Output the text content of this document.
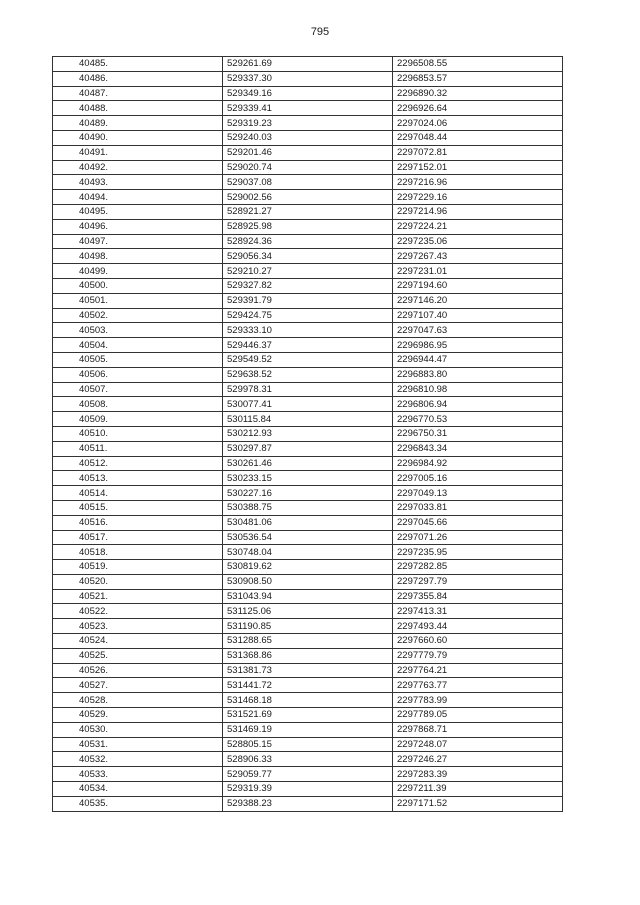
795
40485.	529261.69	2296508.55
40486.	529337.30	2296853.57
40487.	529349.16	2296890.32
40488.	529339.41	2296926.64
40489.	529319.23	2297024.06
40490.	529240.03	2297048.44
40491.	529201.46	2297072.81
40492.	529020.74	2297152.01
40493.	529037.08	2297216.96
40494.	529002.56	2297229.16
40495.	528921.27	2297214.96
40496.	528925.98	2297224.21
40497.	528924.36	2297235.06
40498.	529056.34	2297267.43
40499.	529210.27	2297231.01
40500.	529327.82	2297194.60
40501.	529391.79	2297146.20
40502.	529424.75	2297107.40
40503.	529333.10	2297047.63
40504.	529446.37	2296986.95
40505.	529549.52	2296944.47
40506.	529638.52	2296883.80
40507.	529978.31	2296810.98
40508.	530077.41	2296806.94
40509.	530115.84	2296770.53
40510.	530212.93	2296750.31
40511.	530297.87	2296843.34
40512.	530261.46	2296984.92
40513.	530233.15	2297005.16
40514.	530227.16	2297049.13
40515.	530388.75	2297033.81
40516.	530481.06	2297045.66
40517.	530536.54	2297071.26
40518.	530748.04	2297235.95
40519.	530819.62	2297282.85
40520.	530908.50	2297297.79
40521.	531043.94	2297355.84
40522.	531125.06	2297413.31
40523.	531190.85	2297493.44
40524.	531288.65	2297660.60
40525.	531368.86	2297779.79
40526.	531381.73	2297764.21
40527.	531441.72	2297763.77
40528.	531468.18	2297783.99
40529.	531521.69	2297789.05
40530.	531469.19	2297868.71
40531.	528805.15	2297248.07
40532.	528906.33	2297246.27
40533.	529059.77	2297283.39
40534.	529319.39	2297211.39
40535.	529388.23	2297171.52
